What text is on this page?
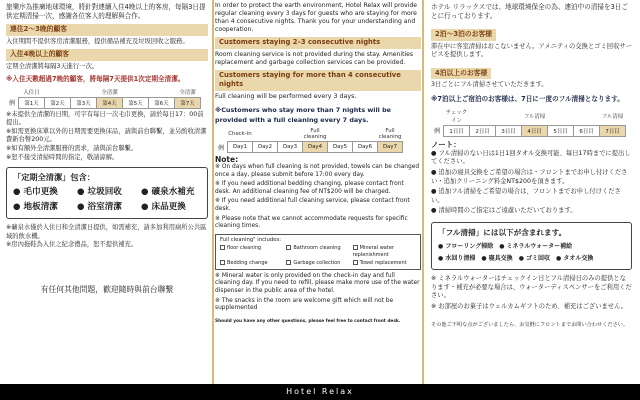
旅樂序為推廣地球環境，將針對連續入住4晚以上的客房，每隔3日提供定期清掃一次，感謝各位客人的理解與合作。

連住2～3晚的顧客

入住期間不提供客房清潔服務，提供備品補充及垃圾回收之服務。

入住4晚以上的顧客

定期全清潔將每隔3天進行一次。

※入住天數超過7晚的顧客，將每隔7天提供1次定期全清潔。
	入住日			全清潔			全清潔
例	第1天	第2天	第3天	第4天	第5天	第6天	第7天
※未提供全清潔的日期，可字有每日一次毛巾更換，請於每日17：00前提出。
※如需更換床單以外的日期需要更換床品，請與前台聯繫，並另酌收清潔費新台幣200元。
※如有額外全清潔服務的需求，請與前台聯繫。
※恕不接受清掃時間的指定，敬請諒解。
「定期全清潔」包含：
● 毛巾更換	● 垃圾回收	● 礦泉水補充
● 地板清潔	● 浴室清潔	● 床品更換

※礦泉水僅於入住日和全清潔日提供，如需補充，請多加利用廁所公共區域的飲水機。

※房內拖鞋為入住之紀念禮品，恕不提供補充。

有任何其他問題，歡迎隨時與前台聯繫

In order to protect the earth environment, Hotel Relax will provide regular cleaning every 3 days for guests who are staying for more than 4 consecutive nights. Thank you for your understanding and cooperation.

Customers staying 2–3 consecutive nights

Room cleaning service is not provided during the stay. Amenities replacement and garbage collection services can be provided.

Customers staying for more than 4 consecutive nights

Full cleaning will be performed every 3 days.

※Customers who stay more than 7 nights will be provided with a full cleaning every 7 days.
	Check-in			Full cleaning			Full cleaning
例	Day1	Day2	Day3	Day4	Day5	Day6	Day7
Note:
※ On days when full cleaning is not provided, towels can be changed once a day, please submit before 17:00 every day.
※ If you need additional bedding changing, please contact front desk. An additional cleaning fee of NT$200 will be charged.
※ If you need additional full cleaning service, please contact front desk.
※ Please note that we cannot accommodate requests for specific cleaning times.
Full cleaning" includes:
floor cleaning	Bathroom cleaning	Mineral water replenishment
Bedding change	Garbage collection	Towel replacement
※ Mineral water is only provided on the check-in day and full cleaning day. If you need to refill, please make more use of the water dispenser in the public area of the hotel.
※ The snacks in the room are welcome gift which will not be supplemented
Should you have any other questions, please feel free to contact front desk.

ホテル リラックスでは、地球環境保全の為、連泊中の清掃を3日ごとに行っております。

2泊～3泊のお客様

滞在中に客室清掃はおこないません。アメニティの交換とゴミ回収サービスを提供します。

4泊以上のお客様

3日ごとにフル清掃させていただきます。

※7泊以上ご宿泊のお客様は、7日に一度のフル清掃となります。
	チェックイン			フル清掃			フル清掃
例	1日目	2日目	3日目	4日目	5日目	6日目	7日目
ノート：
● フル清掃のない日は1日1回タオル交換可能、毎日17時までに提出してください。
● 追加の寝具交換をご希望の場合は・フロントまでお申し付けください・追加クリーニング料金NT$200を頂きます。
● 追加フル清掃をご希望の場合は、フロントまでお申し付けください。
● 清掃時間のご指定はご遠慮いただいております。
「フル清掃」には以下が含まれます。
● フローリング掃除　● ミネラルウォーター補給
● 水回り清掃　● 寝具交換　● ゴミ回収　● タオル交換
※ ミネラルウォーターはチェックイン日とフル清掃日のみの提供となります・補充が必要な場合は、ウォーターディスペンサーをご利用ください。
※ お部屋のお菓子はウェルカムギフトのため、補充はございません。
その他ご不明な点がございましたら、お気軽にフロントまでお問い合わせください。
Hotel Relax
